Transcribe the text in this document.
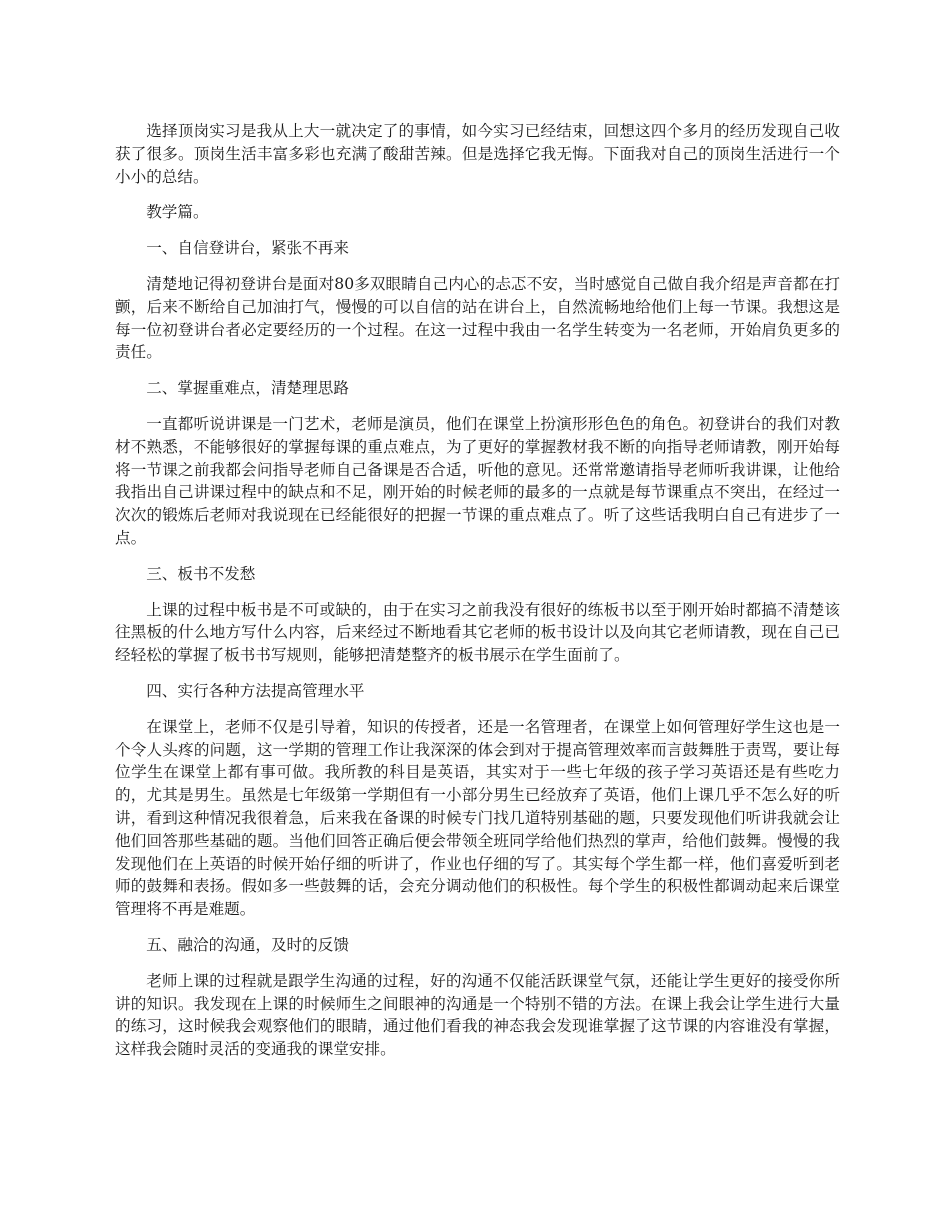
选择顶岗实习是我从上大一就决定了的事情，如今实习已经结束，回想这四个多月的经历发现自己收获了很多。顶岗生活丰富多彩也充满了酸甜苦辣。但是选择它我无悔。下面我对自己的顶岗生活进行一个小小的总结。

教学篇。

一、自信登讲台，紧张不再来

清楚地记得初登讲台是面对80多双眼睛自己内心的忐忑不安，当时感觉自己做自我介绍是声音都在打颤，后来不断给自己加油打气，慢慢的可以自信的站在讲台上，自然流畅地给他们上每一节课。我想这是每一位初登讲台者必定要经历的一个过程。在这一过程中我由一名学生转变为一名老师，开始肩负更多的责任。

二、掌握重难点，清楚理思路

一直都听说讲课是一门艺术，老师是演员，他们在课堂上扮演形形色色的角色。初登讲台的我们对教材不熟悉，不能够很好的掌握每课的重点难点，为了更好的掌握教材我不断的向指导老师请教，刚开始每将一节课之前我都会问指导老师自己备课是否合适，听他的意见。还常常邀请指导老师听我讲课，让他给我指出自己讲课过程中的缺点和不足，刚开始的时候老师的最多的一点就是每节课重点不突出，在经过一次次的锻炼后老师对我说现在已经能很好的把握一节课的重点难点了。听了这些话我明白自己有进步了一点。

三、板书不发愁

上课的过程中板书是不可或缺的，由于在实习之前我没有很好的练板书以至于刚开始时都搞不清楚该往黑板的什么地方写什么内容，后来经过不断地看其它老师的板书设计以及向其它老师请教，现在自己已经轻松的掌握了板书书写规则，能够把清楚整齐的板书展示在学生面前了。

四、实行各种方法提高管理水平

在课堂上，老师不仅是引导着，知识的传授者，还是一名管理者，在课堂上如何管理好学生这也是一个令人头疼的问题，这一学期的管理工作让我深深的体会到对于提高管理效率而言鼓舞胜于责骂，要让每位学生在课堂上都有事可做。我所教的科目是英语，其实对于一些七年级的孩子学习英语还是有些吃力的，尤其是男生。虽然是七年级第一学期但有一小部分男生已经放弃了英语，他们上课几乎不怎么好的听讲，看到这种情况我很着急，后来我在备课的时候专门找几道特别基础的题，只要发现他们听讲我就会让他们回答那些基础的题。当他们回答正确后便会带领全班同学给他们热烈的掌声，给他们鼓舞。慢慢的我发现他们在上英语的时候开始仔细的听讲了，作业也仔细的写了。其实每个学生都一样，他们喜爱听到老师的鼓舞和表扬。假如多一些鼓舞的话，会充分调动他们的积极性。每个学生的积极性都调动起来后课堂管理将不再是难题。

五、融洽的沟通，及时的反馈

老师上课的过程就是跟学生沟通的过程，好的沟通不仅能活跃课堂气氛，还能让学生更好的接受你所讲的知识。我发现在上课的时候师生之间眼神的沟通是一个特别不错的方法。在课上我会让学生进行大量的练习，这时候我会观察他们的眼睛，通过他们看我的神态我会发现谁掌握了这节课的内容谁没有掌握，这样我会随时灵活的变通我的课堂安排。
